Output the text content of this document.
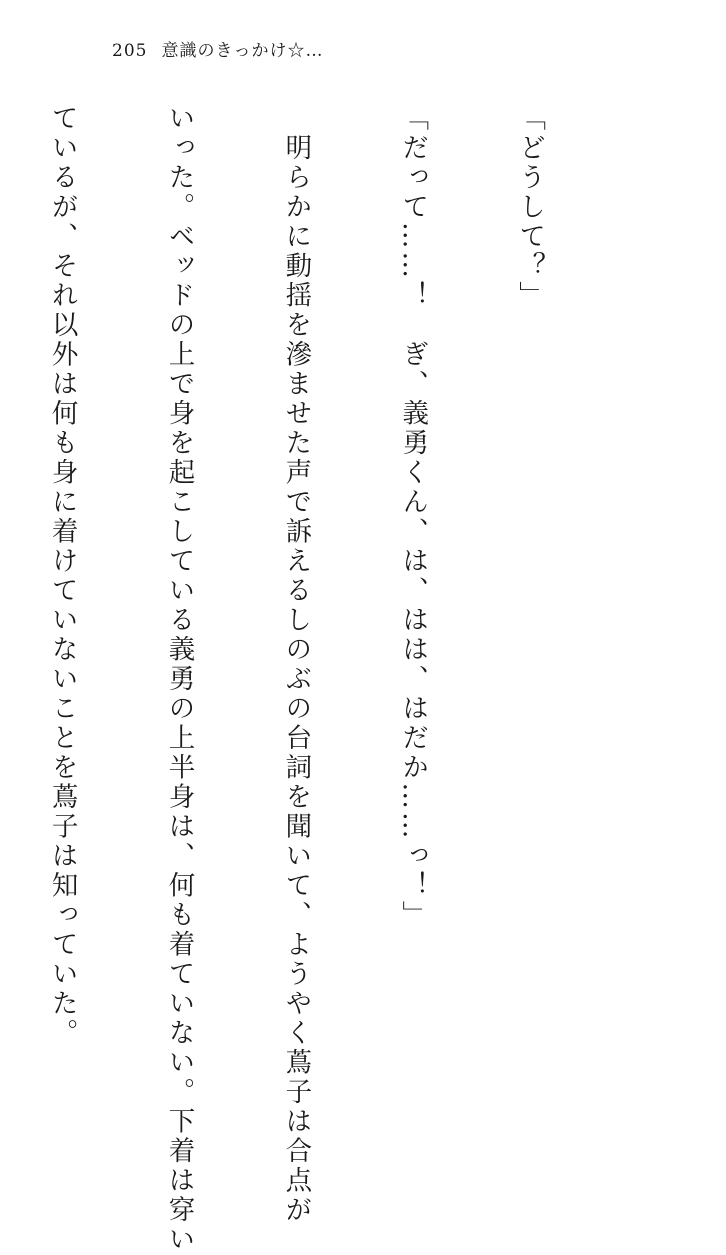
205 意識のきっかけ☆…

「どうして？」

「だって……！　ぎ、義勇くん、は、はは、はだか……っ！」

　明らかに動揺を滲ませた声で訴えるしのぶの台詞を聞いて、ようやく蔦子は合点が

いった。ベッドの上で身を起こしている義勇の上半身は、何も着ていない。下着は穿い

ているが、それ以外は何も身に着けていないことを蔦子は知っていた。
